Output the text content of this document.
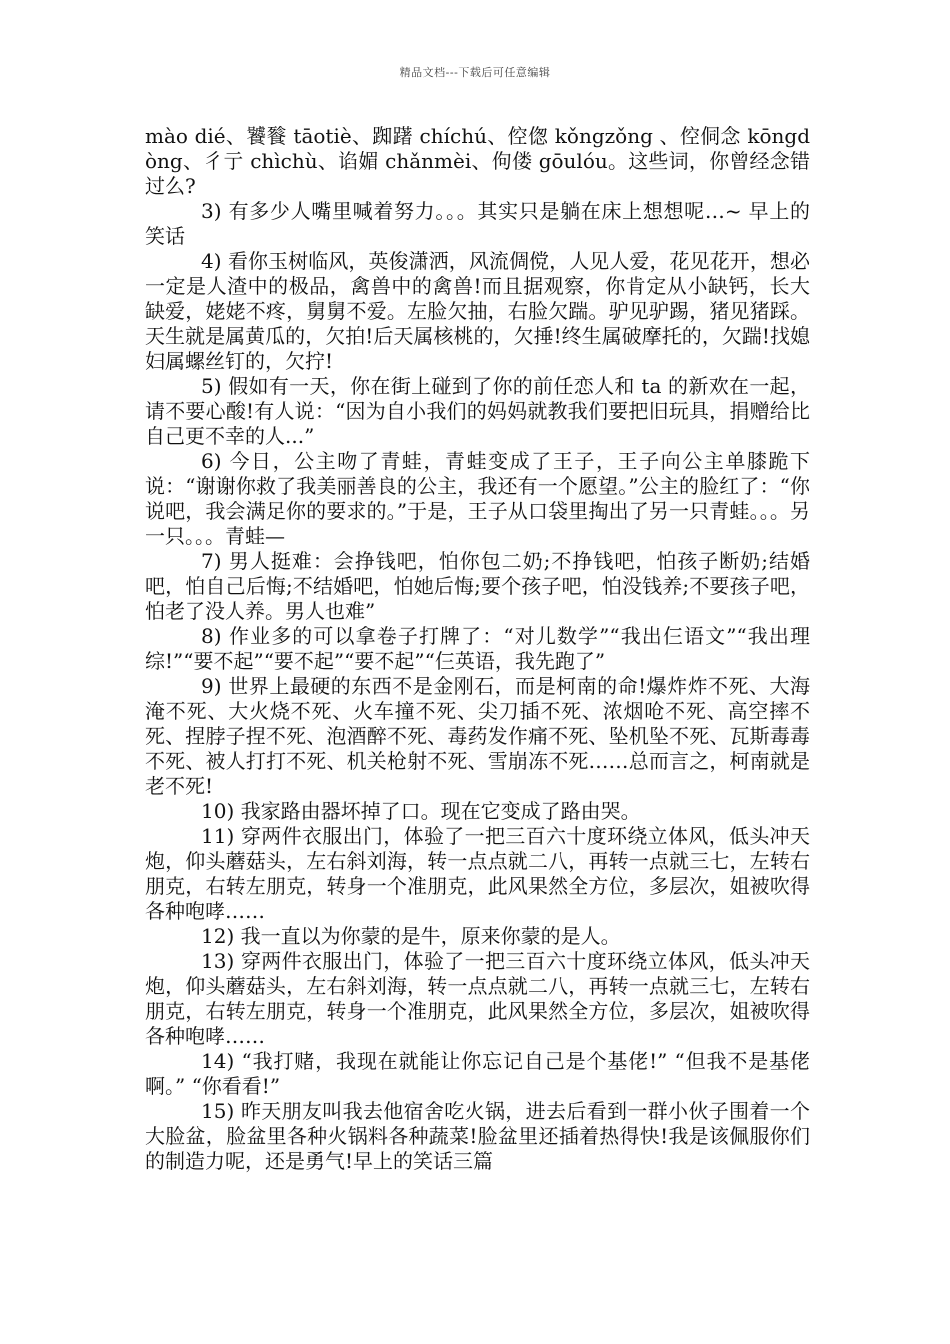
精品文档---下载后可任意编辑

mào dié、饕餮 tāotiè、踟躇 chíchú、倥偬 kǒngzǒng 、倥侗念 kōngdòng、彳亍 chìchù、谄媚 chǎnmèi、佝偻 gōulóu。这些词，你曾经念错过么?

3) 有多少人嘴里喊着努力。。。其实只是躺在床上想想呢…~ 早上的笑话

4) 看你玉树临风，英俊潇洒，风流倜傥，人见人爱，花见花开，想必一定是人渣中的极品，禽兽中的禽兽!而且据观察，你肯定从小缺钙，长大缺爱，姥姥不疼，舅舅不爱。左脸欠抽，右脸欠踹。驴见驴踢，猪见猪踩。天生就是属黄瓜的，欠拍!后天属核桃的，欠捶!终生属破摩托的，欠踹!找媳妇属螺丝钉的，欠拧!

5) 假如有一天，你在街上碰到了你的前任恋人和 ta 的新欢在一起，请不要心酸!有人说：“因为自小我们的妈妈就教我们要把旧玩具，捐赠给比自己更不幸的人...”

6) 今日，公主吻了青蛙，青蛙变成了王子，王子向公主单膝跪下说：“谢谢你救了我美丽善良的公主，我还有一个愿望。”公主的脸红了：“你说吧，我会满足你的要求的。”于是，王子从口袋里掏出了另一只青蛙。。。另一只。。。青蛙—

7) 男人挺难：会挣钱吧，怕你包二奶;不挣钱吧，怕孩子断奶;结婚吧，怕自己后悔;不结婚吧，怕她后悔;要个孩子吧，怕没钱养;不要孩子吧，怕老了没人养。男人也难”

8) 作业多的可以拿卷子打牌了：“对儿数学”“我出仨语文”“我出理综!”“要不起”“要不起”“要不起”“仨英语，我先跑了”

9) 世界上最硬的东西不是金刚石，而是柯南的命!爆炸炸不死、大海淹不死、大火烧不死、火车撞不死、尖刀插不死、浓烟呛不死、高空摔不死、捏脖子捏不死、泡酒醉不死、毒药发作痛不死、坠机坠不死、瓦斯毒毒不死、被人打打不死、机关枪射不死、雪崩冻不死……总而言之，柯南就是老不死!

10) 我家路由器坏掉了口。现在它变成了路由哭。

11) 穿两件衣服出门，体验了一把三百六十度环绕立体风，低头冲天炮，仰头蘑菇头，左右斜刘海，转一点点就二八，再转一点就三七，左转右朋克，右转左朋克，转身一个准朋克，此风果然全方位，多层次，姐被吹得各种咆哮……

12) 我一直以为你蒙的是牛，原来你蒙的是人。

13) 穿两件衣服出门，体验了一把三百六十度环绕立体风，低头冲天炮，仰头蘑菇头，左右斜刘海，转一点点就二八，再转一点就三七，左转右朋克，右转左朋克，转身一个准朋克，此风果然全方位，多层次，姐被吹得各种咆哮……

14) “我打赌，我现在就能让你忘记自己是个基佬!” “但我不是基佬啊。” “你看看!”

15) 昨天朋友叫我去他宿舍吃火锅，进去后看到一群小伙子围着一个大脸盆，脸盆里各种火锅料各种蔬菜!脸盆里还插着热得快!我是该佩服你们的制造力呢，还是勇气!早上的笑话三篇
